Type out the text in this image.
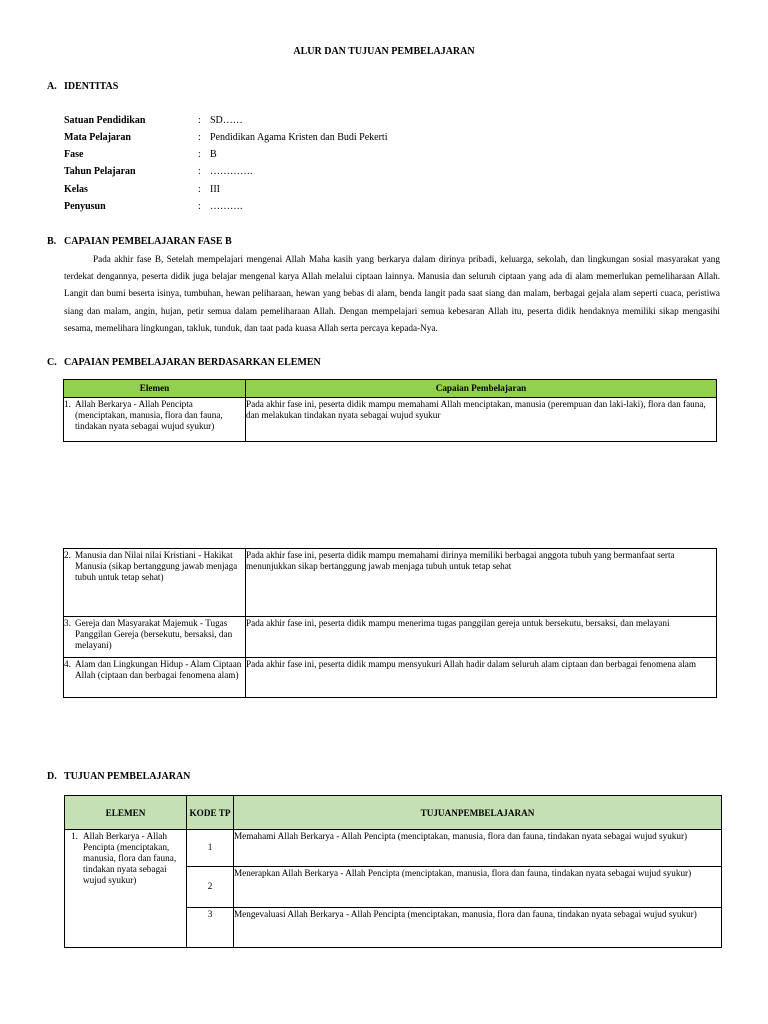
ALUR DAN TUJUAN PEMBELAJARAN
A. IDENTITAS
Satuan Pendidikan	: SD……
Mata Pelajaran	: Pendidikan Agama Kristen dan Budi Pekerti
Fase	: B
Tahun Pelajaran	: ………….
Kelas	: III
Penyusun	: ……….
B. CAPAIAN PEMBELAJARAN FASE B
Pada akhir fase B, Setelah mempelajari mengenai Allah Maha kasih yang berkarya dalam dirinya pribadi, keluarga, sekolah, dan lingkungan sosial masyarakat yang terdekat dengannya, peserta didik juga belajar mengenal karya Allah melalui ciptaan lainnya. Manusia dan seluruh ciptaan yang ada di alam memerlukan pemeliharaan Allah. Langit dan bumi beserta isinya, tumbuhan, hewan peliharaan, hewan yang bebas di alam, benda langit pada saat siang dan malam, berbagai gejala alam seperti cuaca, peristiwa siang dan malam, angin, hujan, petir semua dalam pemeliharaan Allah. Dengan mempelajari semua kebesaran Allah itu, peserta didik hendaknya memiliki sikap mengasihi sesama, memelihara lingkungan, takluk, tunduk, dan taat pada kuasa Allah serta percaya kepada-Nya.
C. CAPAIAN PEMBELAJARAN BERDASARKAN ELEMEN
Elemen	Capaian Pembelajaran

1. Allah Berkarya - Allah Pencipta (menciptakan, manusia, flora dan fauna, tindakan nyata sebagai wujud syukur)	Pada akhir fase ini, peserta didik mampu memahami Allah menciptakan, manusia (perempuan dan laki-laki), flora dan fauna, dan melakukan tindakan nyata sebagai wujud syukur
2. Manusia dan Nilai nilai Kristiani - Hakikat Manusia (sikap bertanggung jawab menjaga tubuh untuk tetap sehat)	Pada akhir fase ini, peserta didik mampu memahami dirinya memiliki berbagai anggota tubuh yang bermanfaat serta menunjukkan sikap bertanggung jawab menjaga tubuh untuk tetap sehat

3. Gereja dan Masyarakat Majemuk - Tugas Panggilan Gereja (bersekutu, bersaksi, dan melayani)	Pada akhir fase ini, peserta didik mampu menerima tugas panggilan gereja untuk bersekutu, bersaksi, dan melayani

4. Alam dan Lingkungan Hidup - Alam Ciptaan Allah (ciptaan dan berbagai fenomena alam)	Pada akhir fase ini, peserta didik mampu mensyukuri Allah hadir dalam seluruh alam ciptaan dan berbagai fenomena alam
D. TUJUAN PEMBELAJARAN
ELEMEN	KODE TP	TUJUANPEMBELAJARAN

1. Allah Berkarya - Allah Pencipta (menciptakan, manusia, flora dan fauna, tindakan nyata sebagai wujud syukur)	1	Memahami Allah Berkarya - Allah Pencipta (menciptakan, manusia, flora dan fauna, tindakan nyata sebagai wujud syukur)
	2	Menerapkan Allah Berkarya - Allah Pencipta (menciptakan, manusia, flora dan fauna, tindakan nyata sebagai wujud syukur)
	3	Mengevaluasi Allah Berkarya - Allah Pencipta (menciptakan, manusia, flora dan fauna, tindakan nyata sebagai wujud syukur)
